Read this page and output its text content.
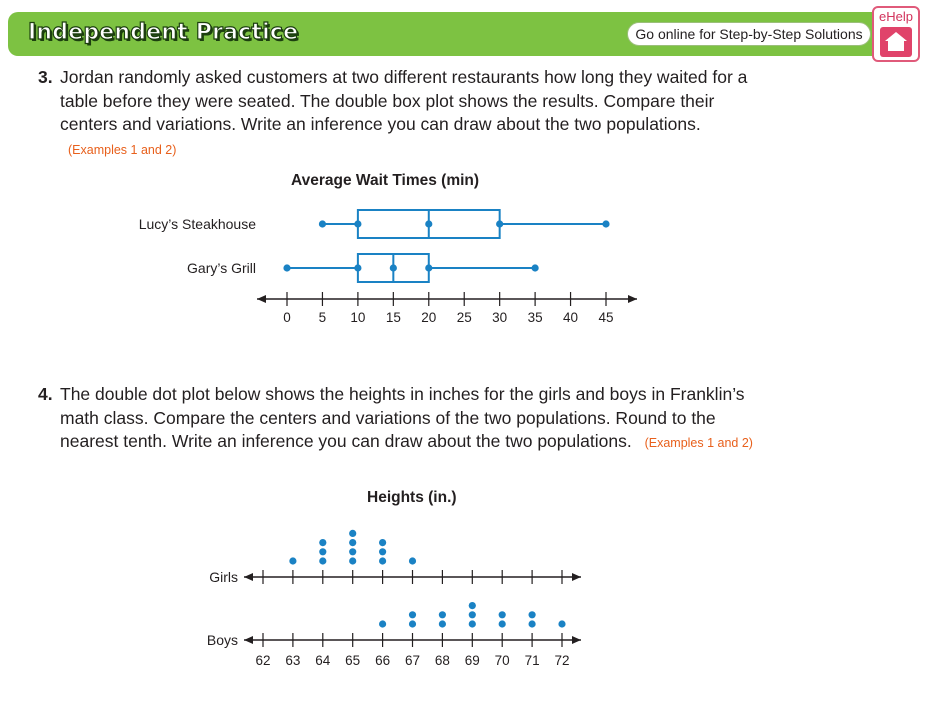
Independent Practice	Go online for Step-by-Step Solutions
eHelp
3. Jordan randomly asked customers at two different restaurants how long they waited for a table before they were seated. The double box plot shows the results. Compare their centers and variations. Write an inference you can draw about the two populations. (Examples 1 and 2)
Average Wait Times (min)
4. The double dot plot below shows the heights in inches for the girls and boys in Franklin’s math class. Compare the centers and variations of the two populations. Round to the nearest tenth. Write an inference you can draw about the two populations. (Examples 1 and 2)
Heights (in.)
Lucy’s Steakhouse
Gary’s Grill
0 5 10 15 20 25 30 35 40 45
Girls
Boys
62 63 64 65 66 67 68 69 70 71 72
